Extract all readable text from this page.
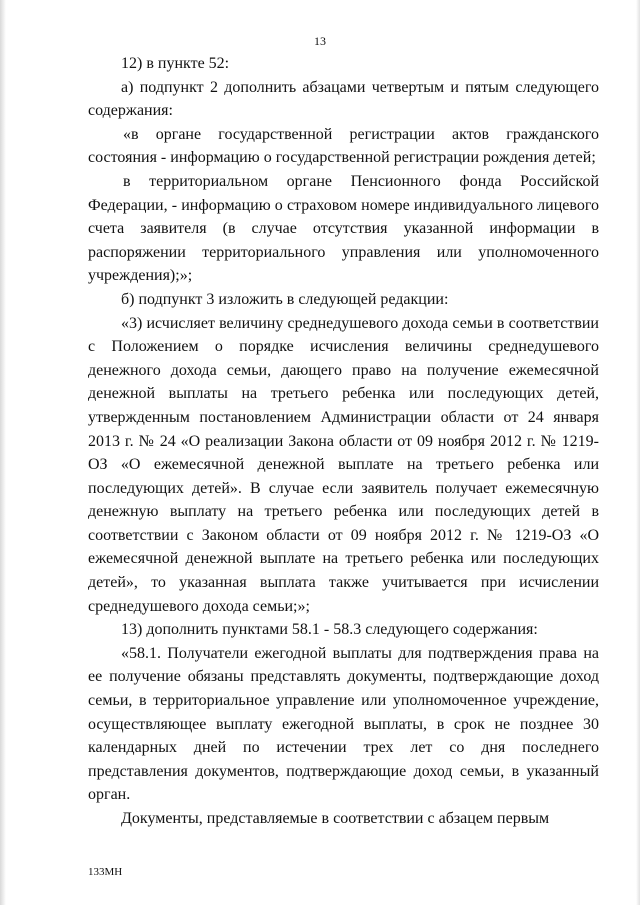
13

12) в пункте 52:

а) подпункт 2 дополнить абзацами четвертым и пятым следующего содержания:

«в органе государственной регистрации актов гражданского состояния - информацию о государственной регистрации рождения детей;

в территориальном органе Пенсионного фонда Российской Федерации, - информацию о страховом номере индивидуального лицевого счета заявителя (в случае отсутствия указанной информации в распоряжении территориального управления или уполномоченного учреждения);»;

б) подпункт 3 изложить в следующей редакции:

«3) исчисляет величину среднедушевого дохода семьи в соответствии с Положением о порядке исчисления величины среднедушевого денежного дохода семьи, дающего право на получение ежемесячной денежной выплаты на третьего ребенка или последующих детей, утвержденным постановлением Администрации области от 24 января 2013 г. № 24 «О реализации Закона области от 09 ноября 2012 г. № 1219-ОЗ «О ежемесячной денежной выплате на третьего ребенка или последующих детей». В случае если заявитель получает ежемесячную денежную выплату на третьего ребенка или последующих детей в соответствии с Законом области от 09 ноября 2012 г. № 1219-ОЗ «О ежемесячной денежной выплате на третьего ребенка или последующих детей», то указанная выплата также учитывается при исчислении среднедушевого дохода семьи;»;

13) дополнить пунктами 58.1 - 58.3 следующего содержания:

«58.1. Получатели ежегодной выплаты для подтверждения права на ее получение обязаны представлять документы, подтверждающие доход семьи, в территориальное управление или уполномоченное учреждение, осуществляющее выплату ежегодной выплаты, в срок не позднее 30 календарных дней по истечении трех лет со дня последнего представления документов, подтверждающие доход семьи, в указанный орган.

Документы, представляемые в соответствии с абзацем первым

133МН
